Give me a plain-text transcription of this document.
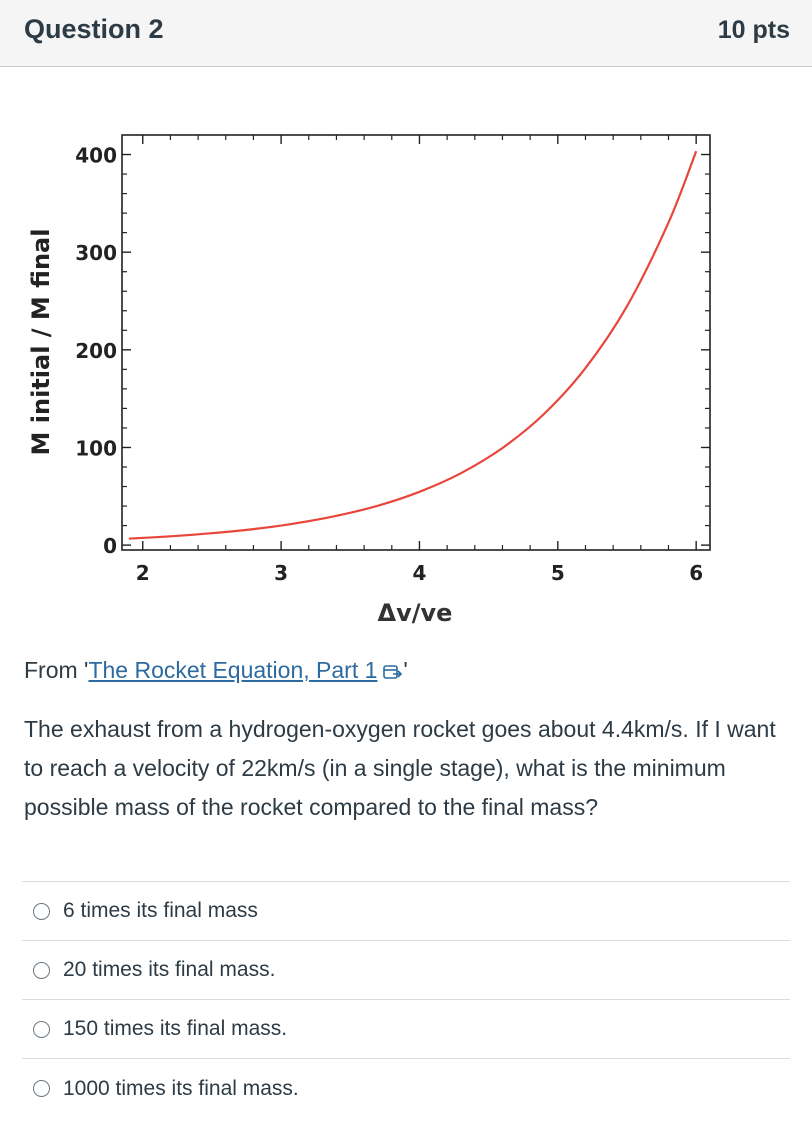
Question 2	10 pts
2	3	4	5	6
0
100
200
300
400
Δv/ve
M initial / M final
From 'The Rocket Equation, Part 1 '
The exhaust from a hydrogen-oxygen rocket goes about 4.4km/s. If I want to reach a velocity of 22km/s (in a single stage), what is the minimum possible mass of the rocket compared to the final mass?
6 times its final mass
20 times its final mass.
150 times its final mass.
1000 times its final mass.
